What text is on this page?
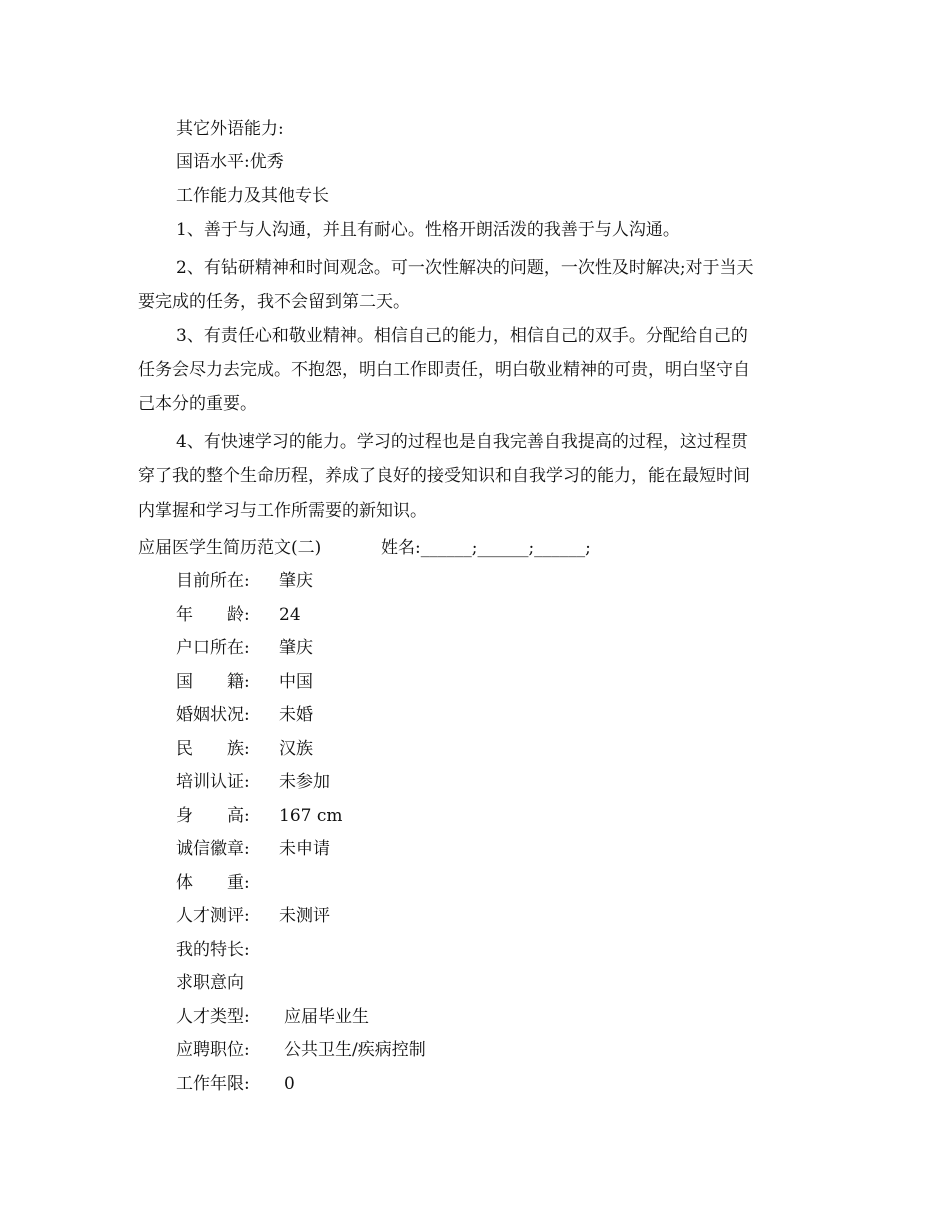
其它外语能力:
国语水平:优秀
工作能力及其他专长
1、善于与人沟通，并且有耐心。性格开朗活泼的我善于与人沟通。
2、有钻研精神和时间观念。可一次性解决的问题，一次性及时解决;对于当天
要完成的任务，我不会留到第二天。
3、有责任心和敬业精神。相信自己的能力，相信自己的双手。分配给自己的
任务会尽力去完成。不抱怨，明白工作即责任，明白敬业精神的可贵，明白坚守自
己本分的重要。
4、有快速学习的能力。学习的过程也是自我完善自我提高的过程，这过程贯
穿了我的整个生命历程，养成了良好的接受知识和自我学习的能力，能在最短时间
内掌握和学习与工作所需要的新知识。
应届医学生简历范文(二)	姓名:______;______;______;
目前所在: 肇庆
年　　龄: 24
户口所在: 肇庆
国　　籍: 中国
婚姻状况: 未婚
民　　族: 汉族
培训认证: 未参加
身　　高: 167 cm
诚信徽章: 未申请
体　　重:
人才测评: 未测评
我的特长:
求职意向
人才类型: 应届毕业生
应聘职位: 公共卫生/疾病控制
工作年限: 0
